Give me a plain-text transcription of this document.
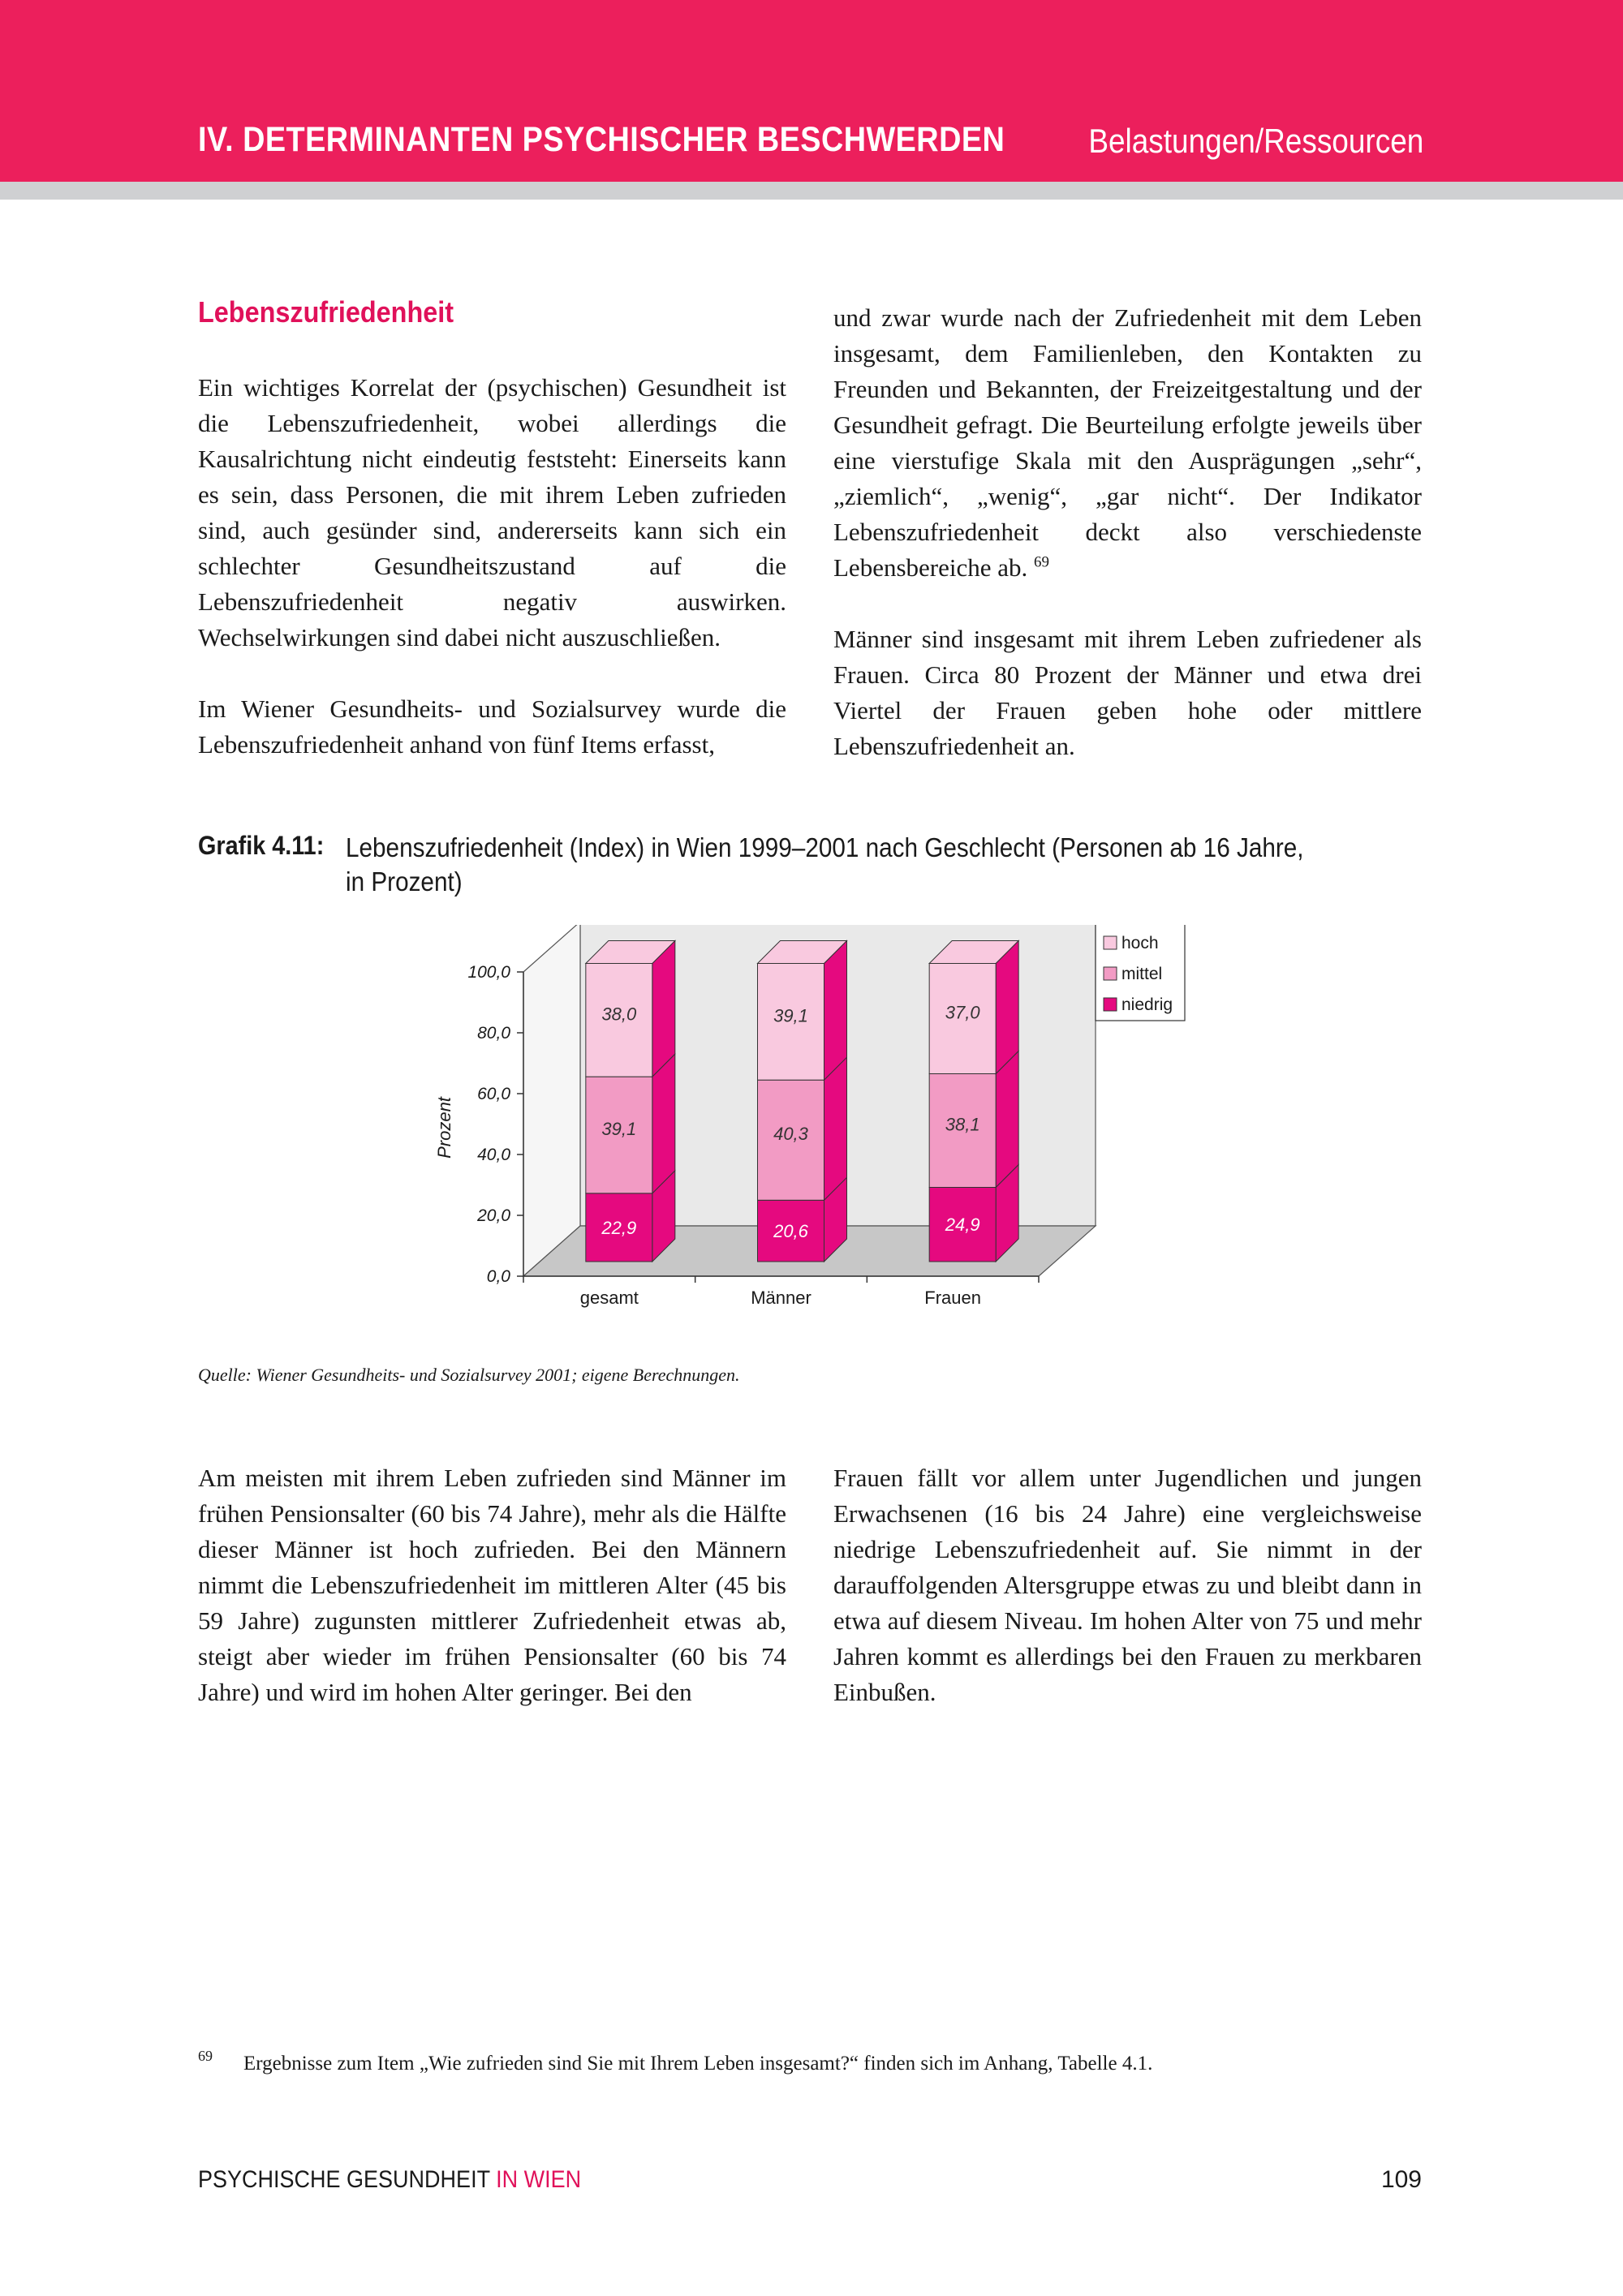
IV. DETERMINANTEN PSYCHISCHER BESCHWERDEN Belastungen/Ressourcen
Lebenszufriedenheit

Ein wichtiges Korrelat der (psychischen) Gesundheit ist die Lebenszufriedenheit, wobei allerdings die Kausalrichtung nicht eindeutig feststeht: Einerseits kann es sein, dass Personen, die mit ihrem Leben zufrieden sind, auch gesünder sind, andererseits kann sich ein schlechter Gesundheitszustand auf die Lebenszufriedenheit negativ auswirken. Wechselwirkungen sind dabei nicht auszuschließen.

Im Wiener Gesundheits- und Sozialsurvey wurde die Lebenszufriedenheit anhand von fünf Items erfasst,

und zwar wurde nach der Zufriedenheit mit dem Leben insgesamt, dem Familienleben, den Kontakten zu Freunden und Bekannten, der Freizeitgestaltung und der Gesundheit gefragt. Die Beurteilung erfolgte jeweils über eine vierstufige Skala mit den Ausprägungen „sehr“, „ziemlich“, „wenig“, „gar nicht“. Der Indikator Lebenszufriedenheit deckt also verschiedenste Lebensbereiche ab. $^{69}$

Männer sind insgesamt mit ihrem Leben zufriedener als Frauen. Circa 80 Prozent der Männer und etwa drei Viertel der Frauen geben hohe oder mittlere Lebenszufriedenheit an.

Grafik 4.11: Lebenszufriedenheit (Index) in Wien 1999–2001 nach Geschlecht (Personen ab 16 Jahre, in Prozent)
Prozent
0,0
20,0
40,0
60,0
80,0
100,0
22,9
39,1
38,0
gesamt
20,6
40,3
39,1
Männer
24,9
38,1
37,0
Frauen
hoch
mittel
niedrig
Quelle: Wiener Gesundheits- und Sozialsurvey 2001; eigene Berechnungen.

Am meisten mit ihrem Leben zufrieden sind Männer im frühen Pensionsalter (60 bis 74 Jahre), mehr als die Hälfte dieser Männer ist hoch zufrieden. Bei den Männern nimmt die Lebenszufriedenheit im mittleren Alter (45 bis 59 Jahre) zugunsten mittlerer Zufriedenheit etwas ab, steigt aber wieder im frühen Pensionsalter (60 bis 74 Jahre) und wird im hohen Alter geringer. Bei den

Frauen fällt vor allem unter Jugendlichen und jungen Erwachsenen (16 bis 24 Jahre) eine vergleichsweise niedrige Lebenszufriedenheit auf. Sie nimmt in der darauffolgenden Altersgruppe etwas zu und bleibt dann in etwa auf diesem Niveau. Im hohen Alter von 75 und mehr Jahren kommt es allerdings bei den Frauen zu merkbaren Einbußen.

69 Ergebnisse zum Item „Wie zufrieden sind Sie mit Ihrem Leben insgesamt?“ finden sich im Anhang, Tabelle 4.1.
PSYCHISCHE GESUNDHEIT IN WIEN	109
